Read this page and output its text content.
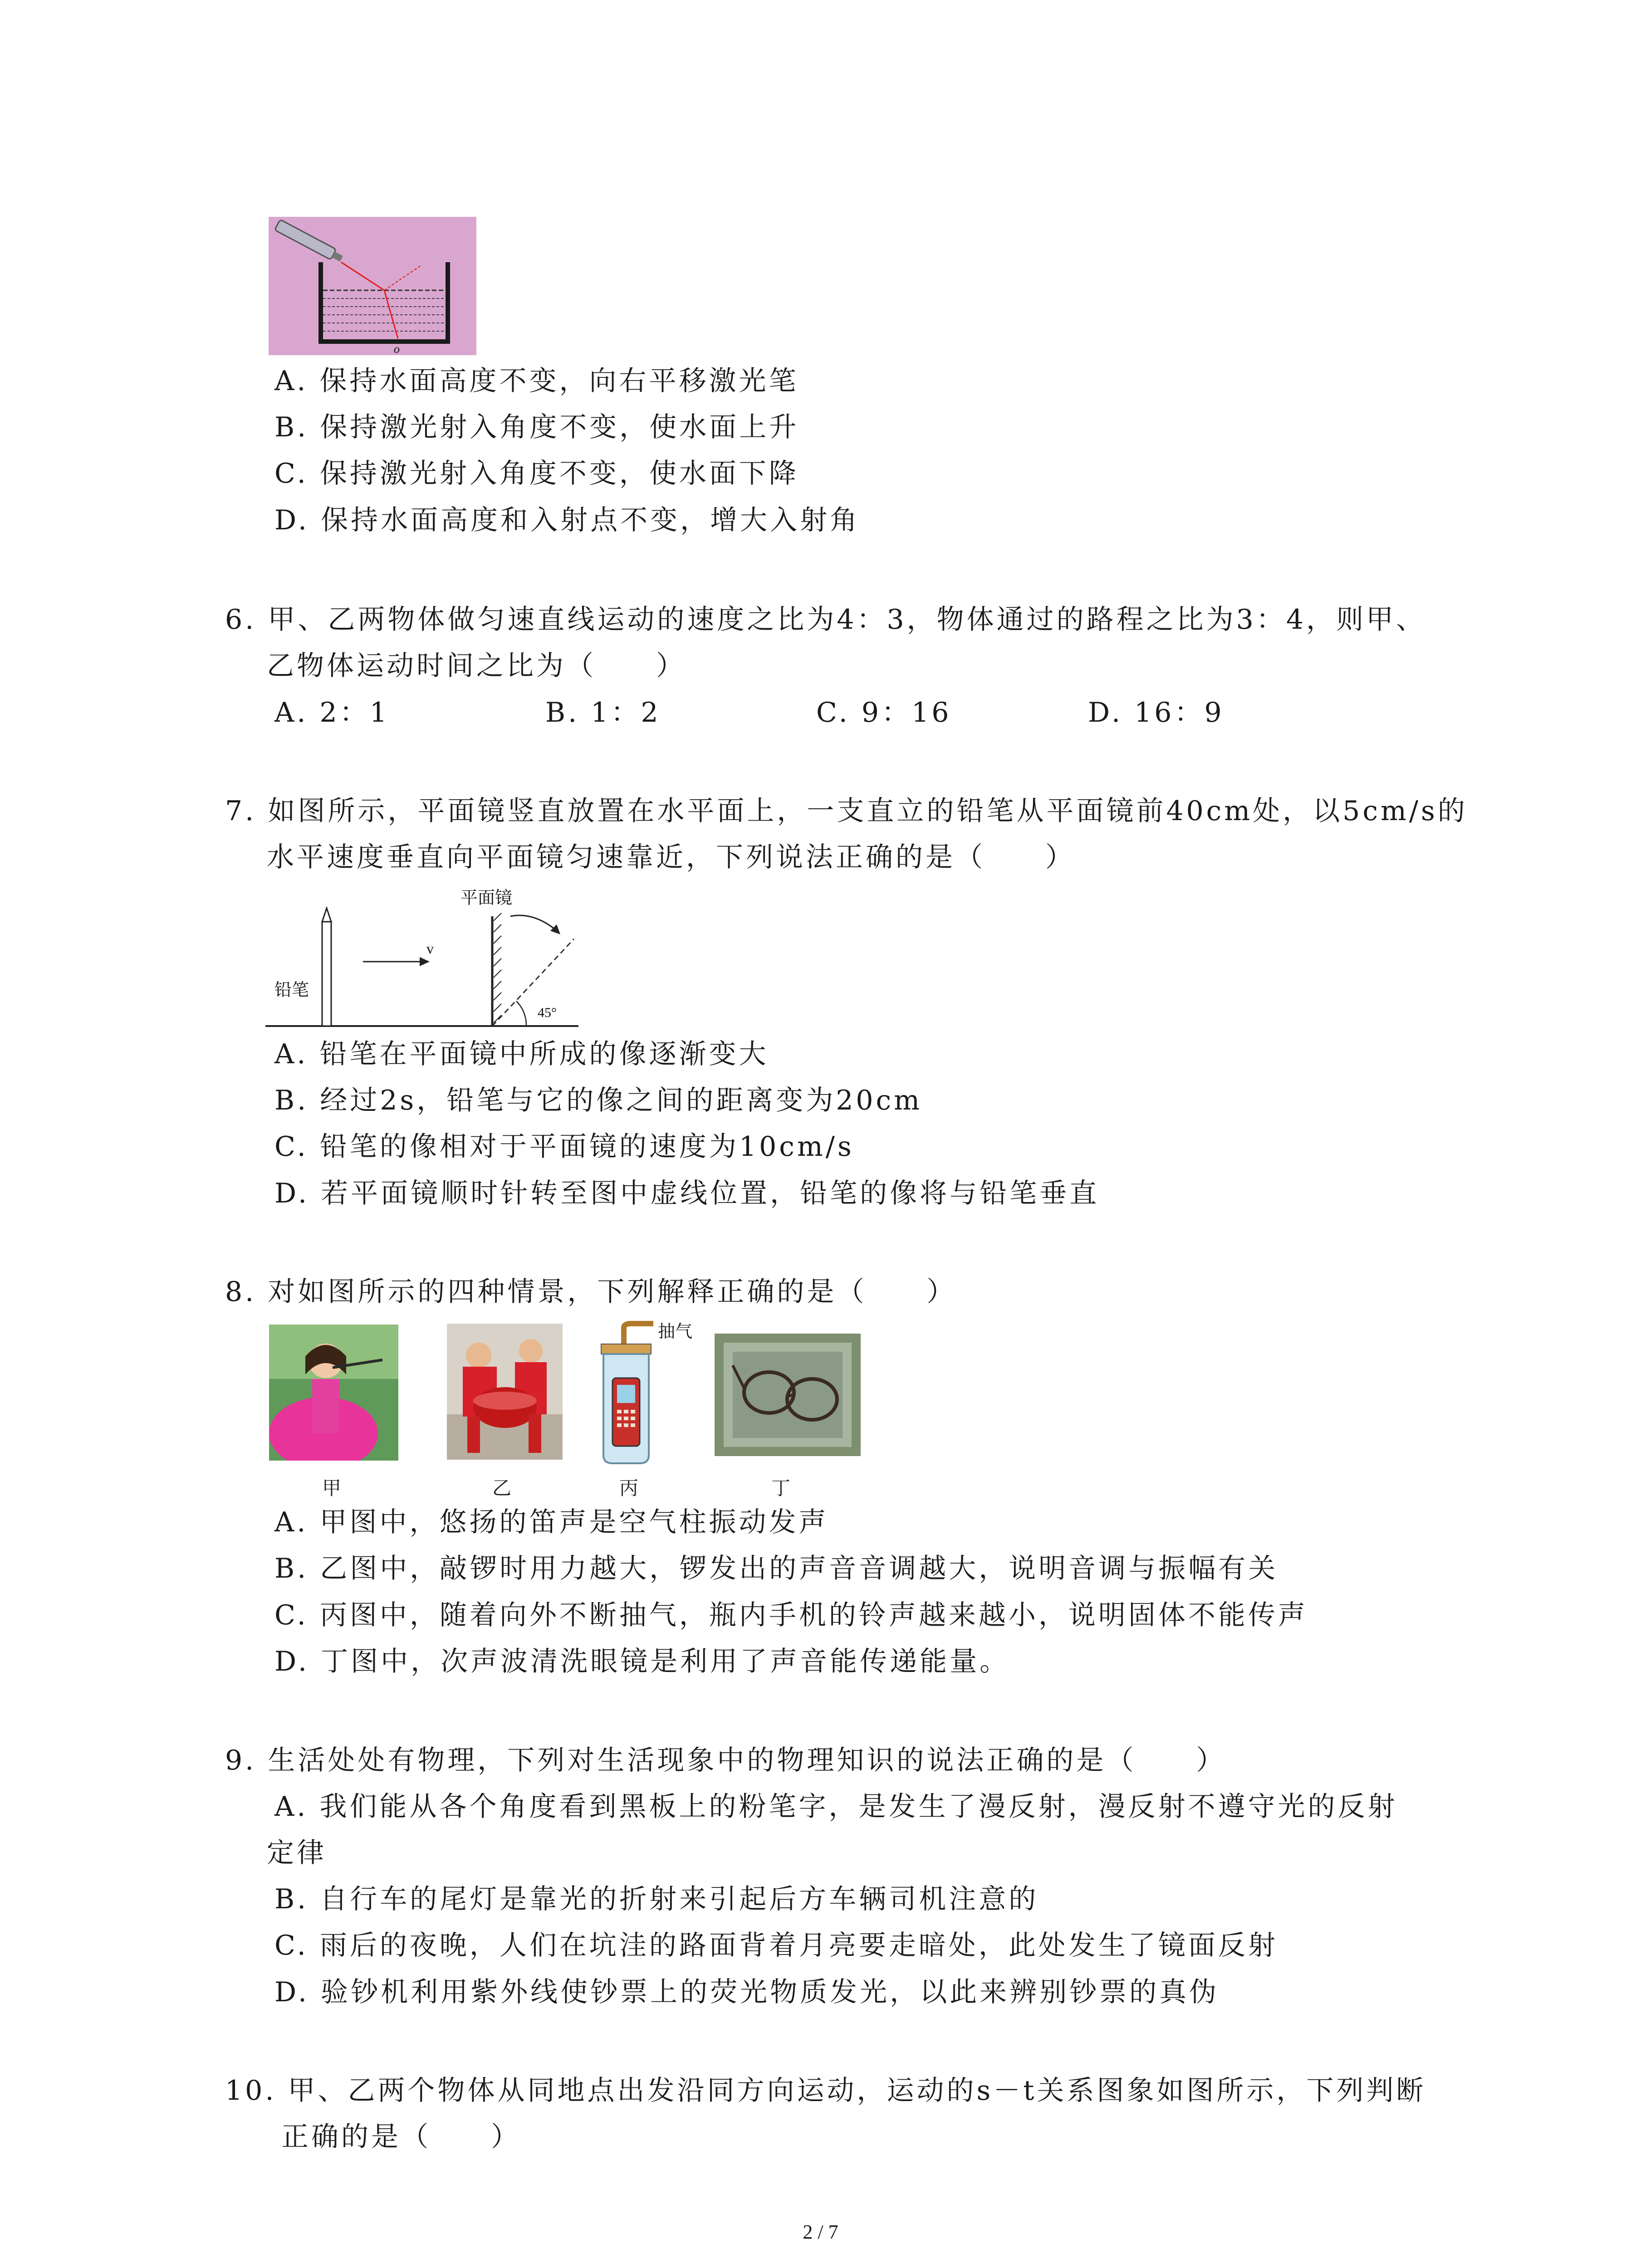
o
A. 保持水面高度不变，向右平移激光笔
B. 保持激光射入角度不变，使水面上升
C. 保持激光射入角度不变，使水面下降
D. 保持水面高度和入射点不变，增大入射角
6. 甲、乙两物体做匀速直线运动的速度之比为4：3，物体通过的路程之比为3：4，则甲、
乙物体运动时间之比为（　　）
A. 2：1	B. 1：2	C. 9：16	D. 16：9
7. 如图所示，平面镜竖直放置在水平面上，一支直立的铅笔从平面镜前40cm处，以5cm/s的
水平速度垂直向平面镜匀速靠近，下列说法正确的是（　　）
平面镜
铅笔
v
45°
A. 铅笔在平面镜中所成的像逐渐变大
B. 经过2s，铅笔与它的像之间的距离变为20cm
C. 铅笔的像相对于平面镜的速度为10cm/s
D. 若平面镜顺时针转至图中虚线位置，铅笔的像将与铅笔垂直
8. 对如图所示的四种情景，下列解释正确的是（　　）
抽气
甲	乙	丙	丁
A. 甲图中，悠扬的笛声是空气柱振动发声
B. 乙图中，敲锣时用力越大，锣发出的声音音调越大，说明音调与振幅有关
C. 丙图中，随着向外不断抽气，瓶内手机的铃声越来越小，说明固体不能传声
D. 丁图中，次声波清洗眼镜是利用了声音能传递能量。
9. 生活处处有物理，下列对生活现象中的物理知识的说法正确的是（　　）
A. 我们能从各个角度看到黑板上的粉笔字，是发生了漫反射，漫反射不遵守光的反射
定律
B. 自行车的尾灯是靠光的折射来引起后方车辆司机注意的
C. 雨后的夜晚，人们在坑洼的路面背着月亮要走暗处，此处发生了镜面反射
D. 验钞机利用紫外线使钞票上的荧光物质发光，以此来辨别钞票的真伪
10. 甲、乙两个物体从同地点出发沿同方向运动，运动的s－t关系图象如图所示，下列判断
正确的是（　　）
2 / 7
